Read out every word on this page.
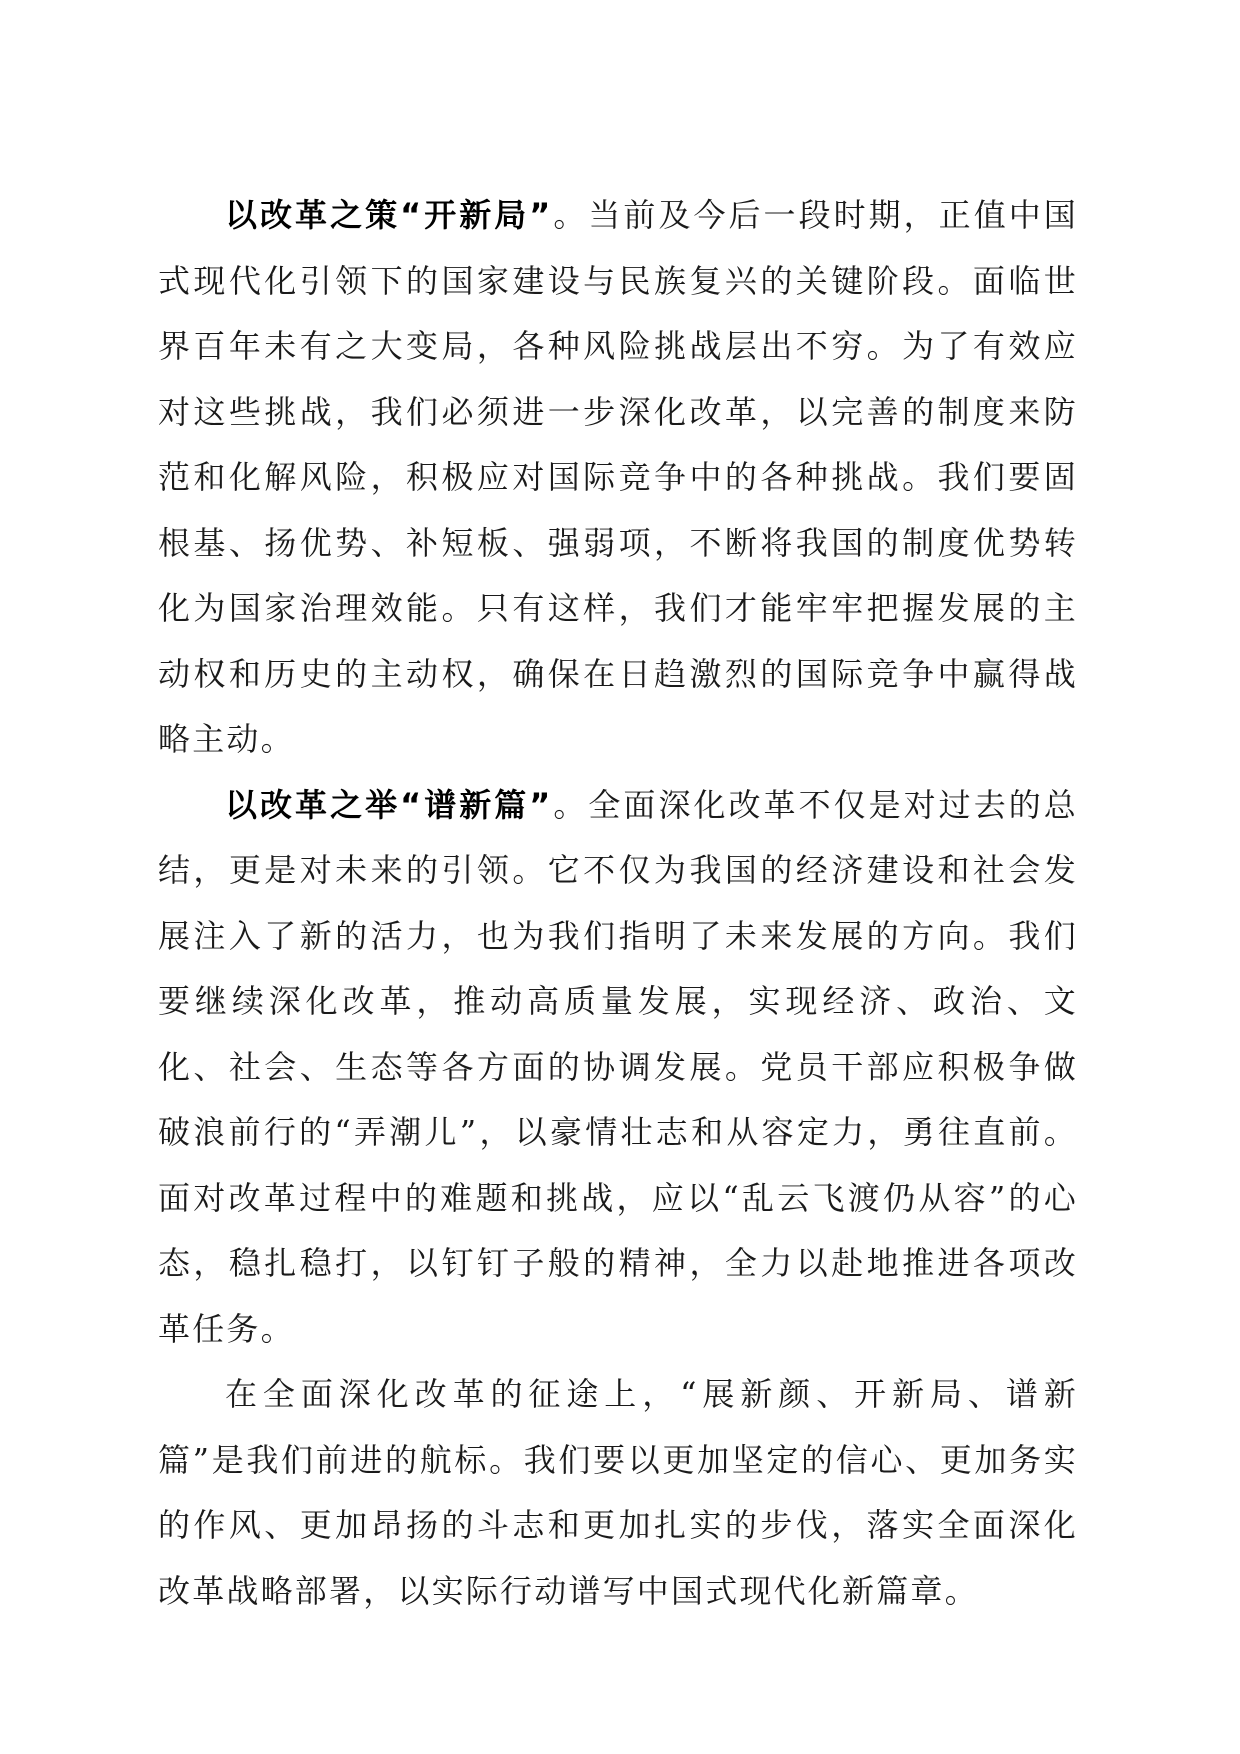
以改革之策“开新局”。当前及今后一段时期，正值中国式现代化引领下的国家建设与民族复兴的关键阶段。面临世界百年未有之大变局，各种风险挑战层出不穷。为了有效应对这些挑战，我们必须进一步深化改革，以完善的制度来防范和化解风险，积极应对国际竞争中的各种挑战。我们要固根基、扬优势、补短板、强弱项，不断将我国的制度优势转化为国家治理效能。只有这样，我们才能牢牢把握发展的主动权和历史的主动权，确保在日趋激烈的国际竞争中赢得战略主动。

以改革之举“谱新篇”。全面深化改革不仅是对过去的总结，更是对未来的引领。它不仅为我国的经济建设和社会发展注入了新的活力，也为我们指明了未来发展的方向。我们要继续深化改革，推动高质量发展，实现经济、政治、文化、社会、生态等各方面的协调发展。党员干部应积极争做破浪前行的“弄潮儿”，以豪情壮志和从容定力，勇往直前。面对改革过程中的难题和挑战，应以“乱云飞渡仍从容”的心态，稳扎稳打，以钉钉子般的精神，全力以赴地推进各项改革任务。

在全面深化改革的征途上，“展新颜、开新局、谱新篇”是我们前进的航标。我们要以更加坚定的信心、更加务实的作风、更加昂扬的斗志和更加扎实的步伐，落实全面深化改革战略部署，以实际行动谱写中国式现代化新篇章。
